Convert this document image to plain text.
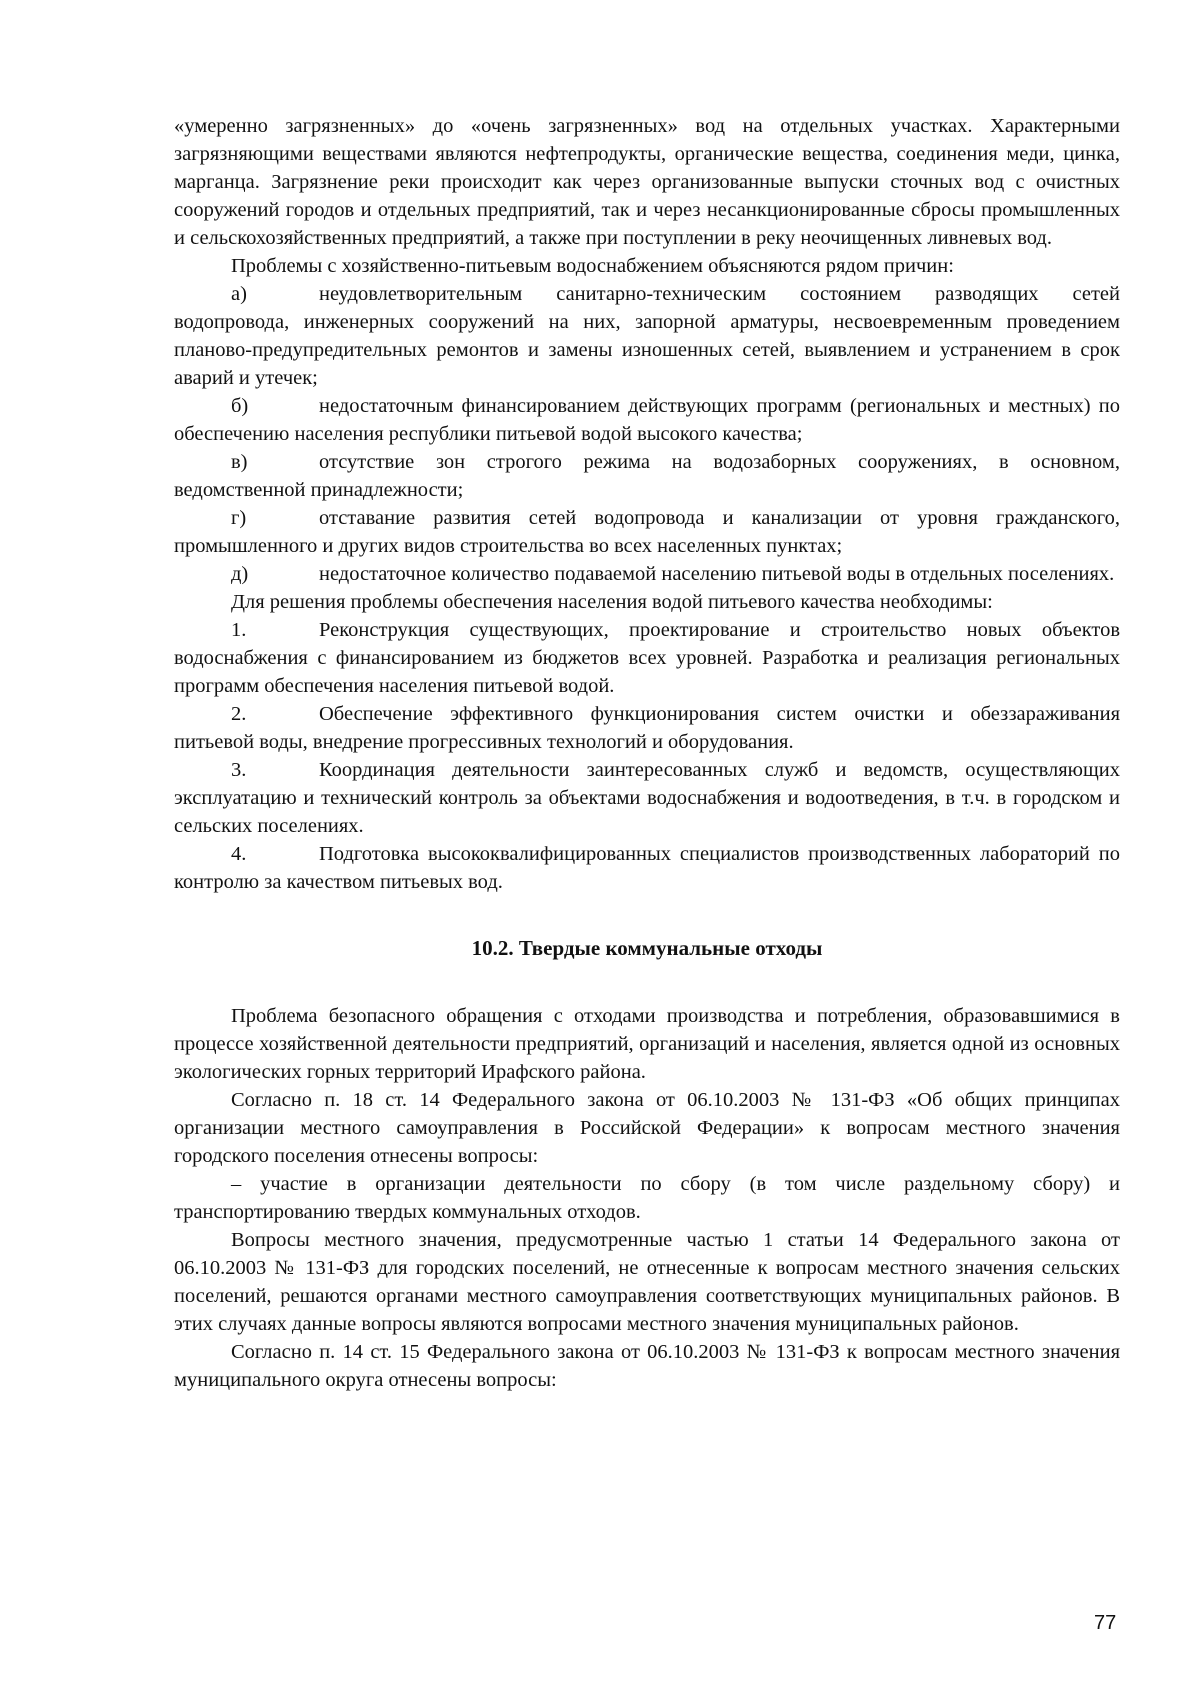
«умеренно загрязненных» до «очень загрязненных» вод на отдельных участках. Характерными загрязняющими веществами являются нефтепродукты, органические вещества, соединения меди, цинка, марганца. Загрязнение реки происходит как через организованные выпуски сточных вод с очистных сооружений городов и отдельных предприятий, так и через несанкционированные сбросы промышленных и сельскохозяйственных предприятий, а также при поступлении в реку неочищенных ливневых вод.

Проблемы с хозяйственно-питьевым водоснабжением объясняются рядом причин:

а)	неудовлетворительным санитарно-техническим состоянием разводящих сетей водопровода, инженерных сооружений на них, запорной арматуры, несвоевременным проведением планово-предупредительных ремонтов и замены изношенных сетей, выявлением и устранением в срок аварий и утечек;

б)	недостаточным финансированием действующих программ (региональных и местных) по обеспечению населения республики питьевой водой высокого качества;

в)	отсутствие зон строгого режима на водозаборных сооружениях, в основном, ведомственной принадлежности;

г)	отставание развития сетей водопровода и канализации от уровня гражданского, промышленного и других видов строительства во всех населенных пунктах;

д)	недостаточное количество подаваемой населению питьевой воды в отдельных поселениях.

Для решения проблемы обеспечения населения водой питьевого качества необходимы:

1.	Реконструкция существующих, проектирование и строительство новых объектов водоснабжения с финансированием из бюджетов всех уровней. Разработка и реализация региональных программ обеспечения населения питьевой водой.

2.	Обеспечение эффективного функционирования систем очистки и обеззараживания питьевой воды, внедрение прогрессивных технологий и оборудования.

3.	Координация деятельности заинтересованных служб и ведомств, осуществляющих эксплуатацию и технический контроль за объектами водоснабжения и водоотведения, в т.ч. в городском и сельских поселениях.

4.	Подготовка высококвалифицированных специалистов производственных лабораторий по контролю за качеством питьевых вод.

10.2. Твердые коммунальные отходы

Проблема безопасного обращения с отходами производства и потребления, образовавшимися в процессе хозяйственной деятельности предприятий, организаций и населения, является одной из основных экологических горных территорий Ирафского района.

Согласно п. 18 ст. 14 Федерального закона от 06.10.2003 № 131-ФЗ «Об общих принципах организации местного самоуправления в Российской Федерации» к вопросам местного значения городского поселения отнесены вопросы:

– участие в организации деятельности по сбору (в том числе раздельному сбору) и транспортированию твердых коммунальных отходов.

Вопросы местного значения, предусмотренные частью 1 статьи 14 Федерального закона от 06.10.2003 № 131-ФЗ для городских поселений, не отнесенные к вопросам местного значения сельских поселений, решаются органами местного самоуправления соответствующих муниципальных районов. В этих случаях данные вопросы являются вопросами местного значения муниципальных районов.

Согласно п. 14 ст. 15 Федерального закона от 06.10.2003 № 131-ФЗ к вопросам местного значения муниципального округа отнесены вопросы:

77
